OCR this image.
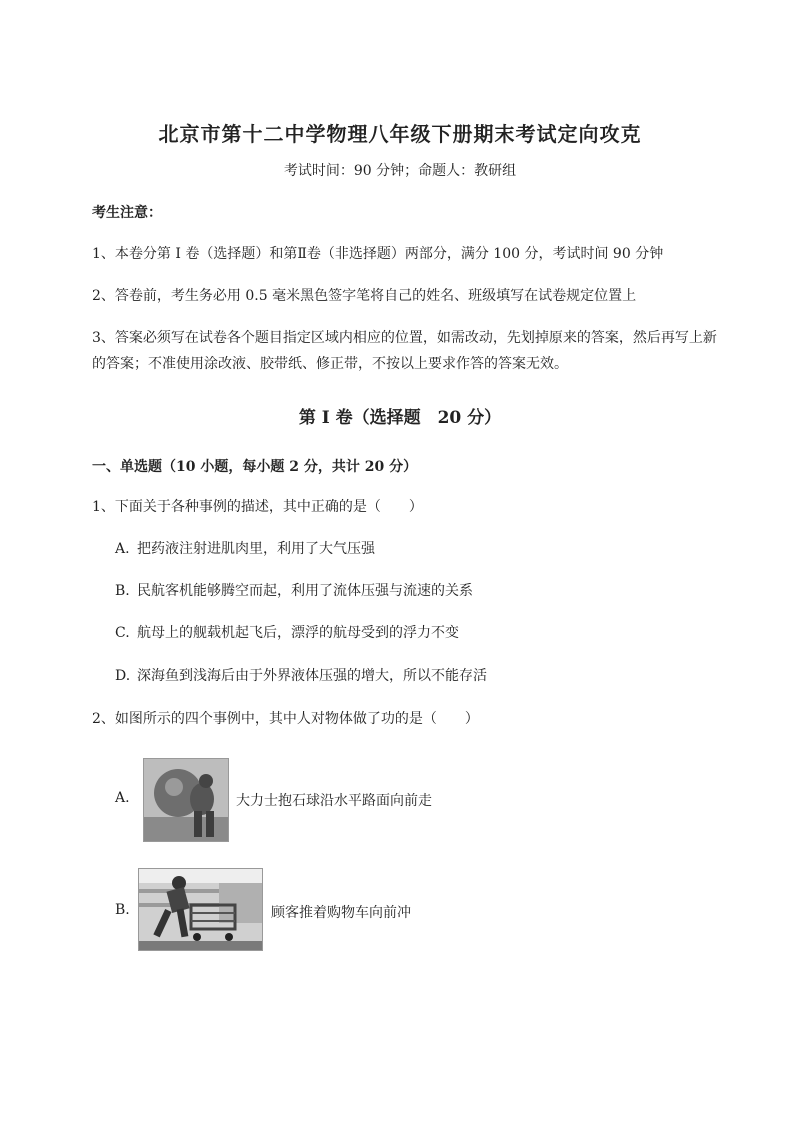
北京市第十二中学物理八年级下册期末考试定向攻克
考试时间：90 分钟；命题人：教研组
考生注意：
1、本卷分第 I 卷（选择题）和第Ⅱ卷（非选择题）两部分，满分 100 分，考试时间 90 分钟
2、答卷前，考生务必用 0.5 毫米黑色签字笔将自己的姓名、班级填写在试卷规定位置上
3、答案必须写在试卷各个题目指定区域内相应的位置，如需改动，先划掉原来的答案，然后再写上新
的答案；不准使用涂改液、胶带纸、修正带，不按以上要求作答的答案无效。
第 I 卷（选择题　20 分）
一、单选题（10 小题，每小题 2 分，共计 20 分）
1、下面关于各种事例的描述，其中正确的是（　　）
A. 把药液注射进肌肉里，利用了大气压强
B. 民航客机能够腾空而起，利用了流体压强与流速的关系
C. 航母上的舰载机起飞后，漂浮的航母受到的浮力不变
D. 深海鱼到浅海后由于外界液体压强的增大，所以不能存活
2、如图所示的四个事例中，其中人对物体做了功的是（　　）
A.	大力士抱石球沿水平路面向前走
B.	顾客推着购物车向前冲
